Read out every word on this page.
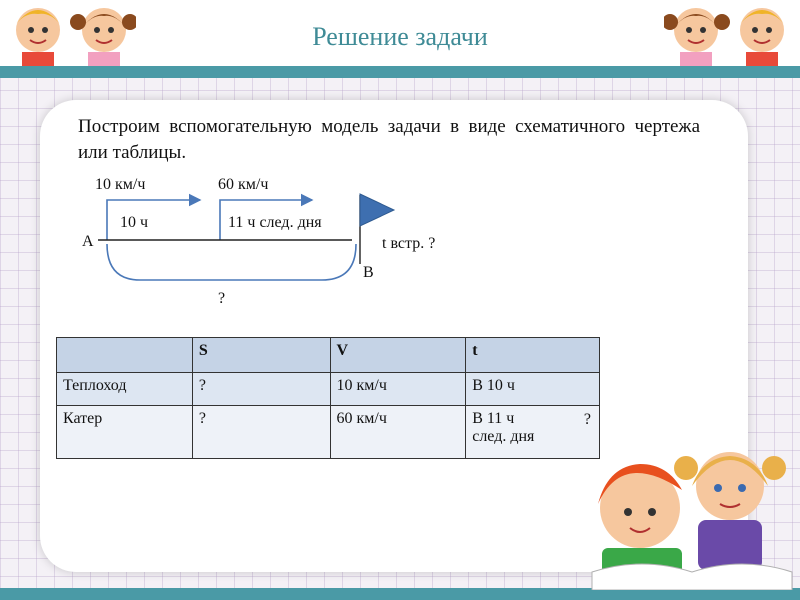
Решение задачи
Построим вспомогательную модель задачи в виде схематичного чертежа или таблицы.
10 км/ч	60 км/ч
10 ч	11 ч след. дня
А	t встр. ?
В
?
	S	V	t
Теплоход	?	10 км/ч	В 10 ч
Катер	?	60 км/ч	В 11 ч
след. дня
?
